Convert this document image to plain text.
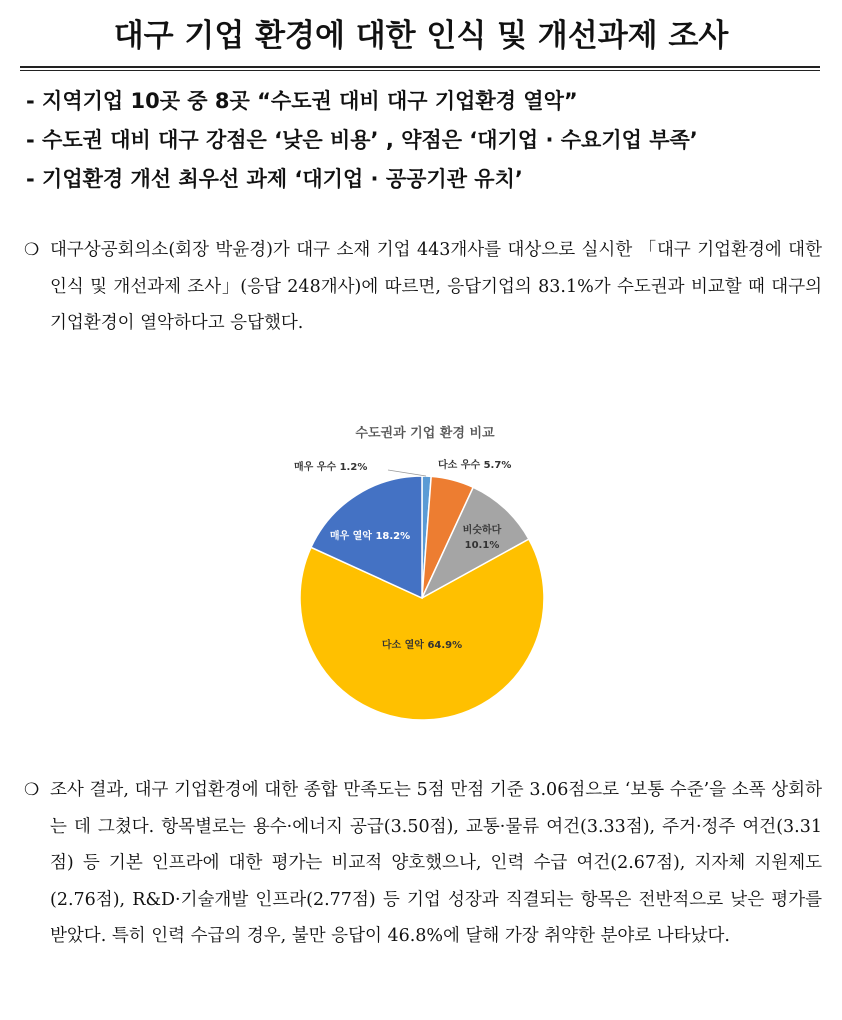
대구 기업 환경에 대한 인식 및 개선과제 조사
- 지역기업 10곳 중 8곳 “수도권 대비 대구 기업환경 열악”
- 수도권 대비 대구 강점은 ‘낮은 비용’ , 약점은 ‘대기업 · 수요기업 부족’
- 기업환경 개선 최우선 과제 ‘대기업 · 공공기관 유치’
❍ 대구상공회의소(회장 박윤경)가 대구 소재 기업 443개사를 대상으로 실시한 「대구 기업환경에 대한 인식 및 개선과제 조사」(응답 248개사)에 따르면, 응답기업의 83.1%가 수도권과 비교할 때 대구의 기업환경이 열악하다고 응답했다.
수도권과 기업 환경 비교
매우 우수 1.2%	다소 우수 5.7%
비슷하다 10.1%
다소 열악 64.9%
매우 열악 18.2%
❍ 조사 결과, 대구 기업환경에 대한 종합 만족도는 5점 만점 기준 3.06점으로 ‘보통 수준’을 소폭 상회하는 데 그쳤다. 항목별로는 용수·에너지 공급(3.50점), 교통·물류 여건(3.33점), 주거·정주 여건(3.31점) 등 기본 인프라에 대한 평가는 비교적 양호했으나, 인력 수급 여건(2.67점), 지자체 지원제도(2.76점), R&D·기술개발 인프라(2.77점) 등 기업 성장과 직결되는 항목은 전반적으로 낮은 평가를 받았다. 특히 인력 수급의 경우, 불만 응답이 46.8%에 달해 가장 취약한 분야로 나타났다.
